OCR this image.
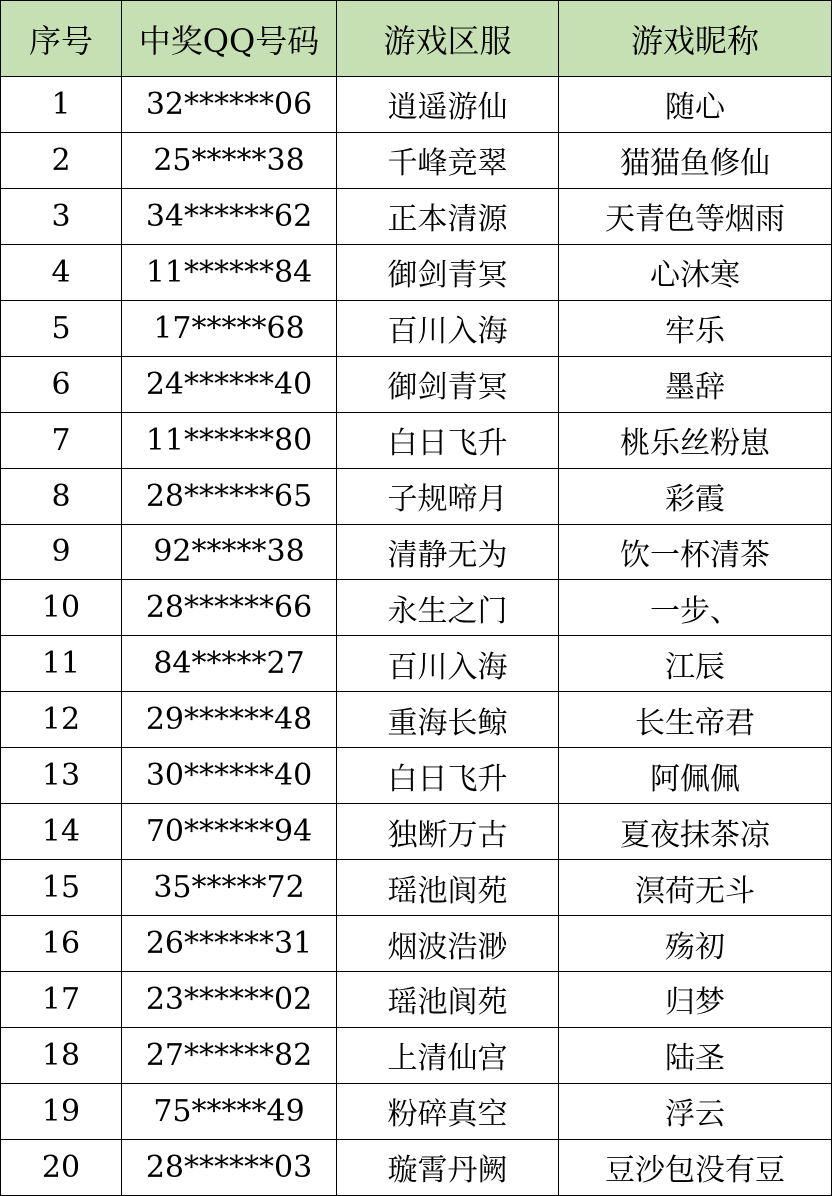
序号	中奖QQ号码	游戏区服	游戏昵称
1	32******06	逍遥游仙	随心
2	25*****38	千峰竞翠	猫猫鱼修仙
3	34******62	正本清源	天青色等烟雨
4	11******84	御剑青冥	心沐寒
5	17*****68	百川入海	牢乐
6	24******40	御剑青冥	墨辞
7	11******80	白日飞升	桃乐丝粉崽
8	28******65	子规啼月	彩霞
9	92*****38	清静无为	饮一杯清茶
10	28******66	永生之门	一步、
11	84*****27	百川入海	江辰
12	29******48	重海长鲸	长生帝君
13	30******40	白日飞升	阿佩佩
14	70******94	独断万古	夏夜抹茶凉
15	35*****72	瑶池阆苑	溟荷无斗
16	26******31	烟波浩渺	殇初
17	23******02	瑶池阆苑	归梦
18	27******82	上清仙宫	陆圣
19	75*****49	粉碎真空	浮云
20	28******03	璇霄丹阙	豆沙包没有豆
